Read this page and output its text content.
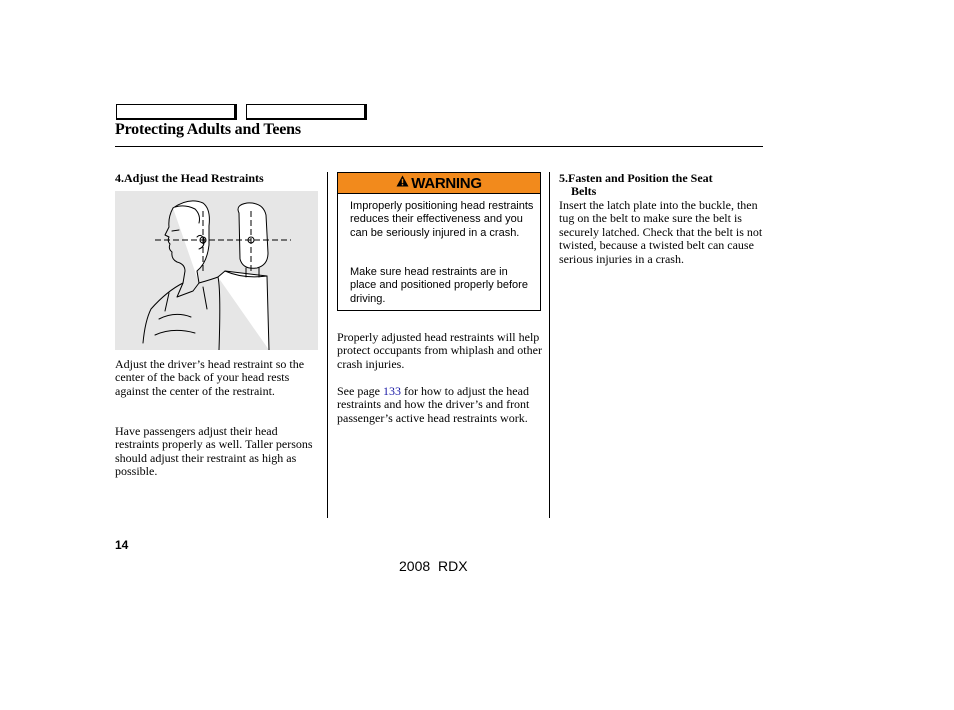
Protecting Adults and Teens
4.Adjust the Head Restraints

Adjust the driver’s head restraint so the center of the back of your head rests against the center of the restraint.

Have passengers adjust their head restraints properly as well. Taller persons should adjust their restraint as high as possible.

WARNING

Improperly positioning head restraints reduces their effectiveness and you can be seriously injured in a crash.

Make sure head restraints are in place and positioned properly before driving.

Properly adjusted head restraints will help protect occupants from whiplash and other crash injuries.

See page 133 for how to adjust the head restraints and how the driver’s and front passenger’s active head restraints work.

5.Fasten and Position the Seat
Belts

Insert the latch plate into the buckle, then tug on the belt to make sure the belt is securely latched. Check that the belt is not twisted, because a twisted belt can cause serious injuries in a crash.

14
2008 RDX
